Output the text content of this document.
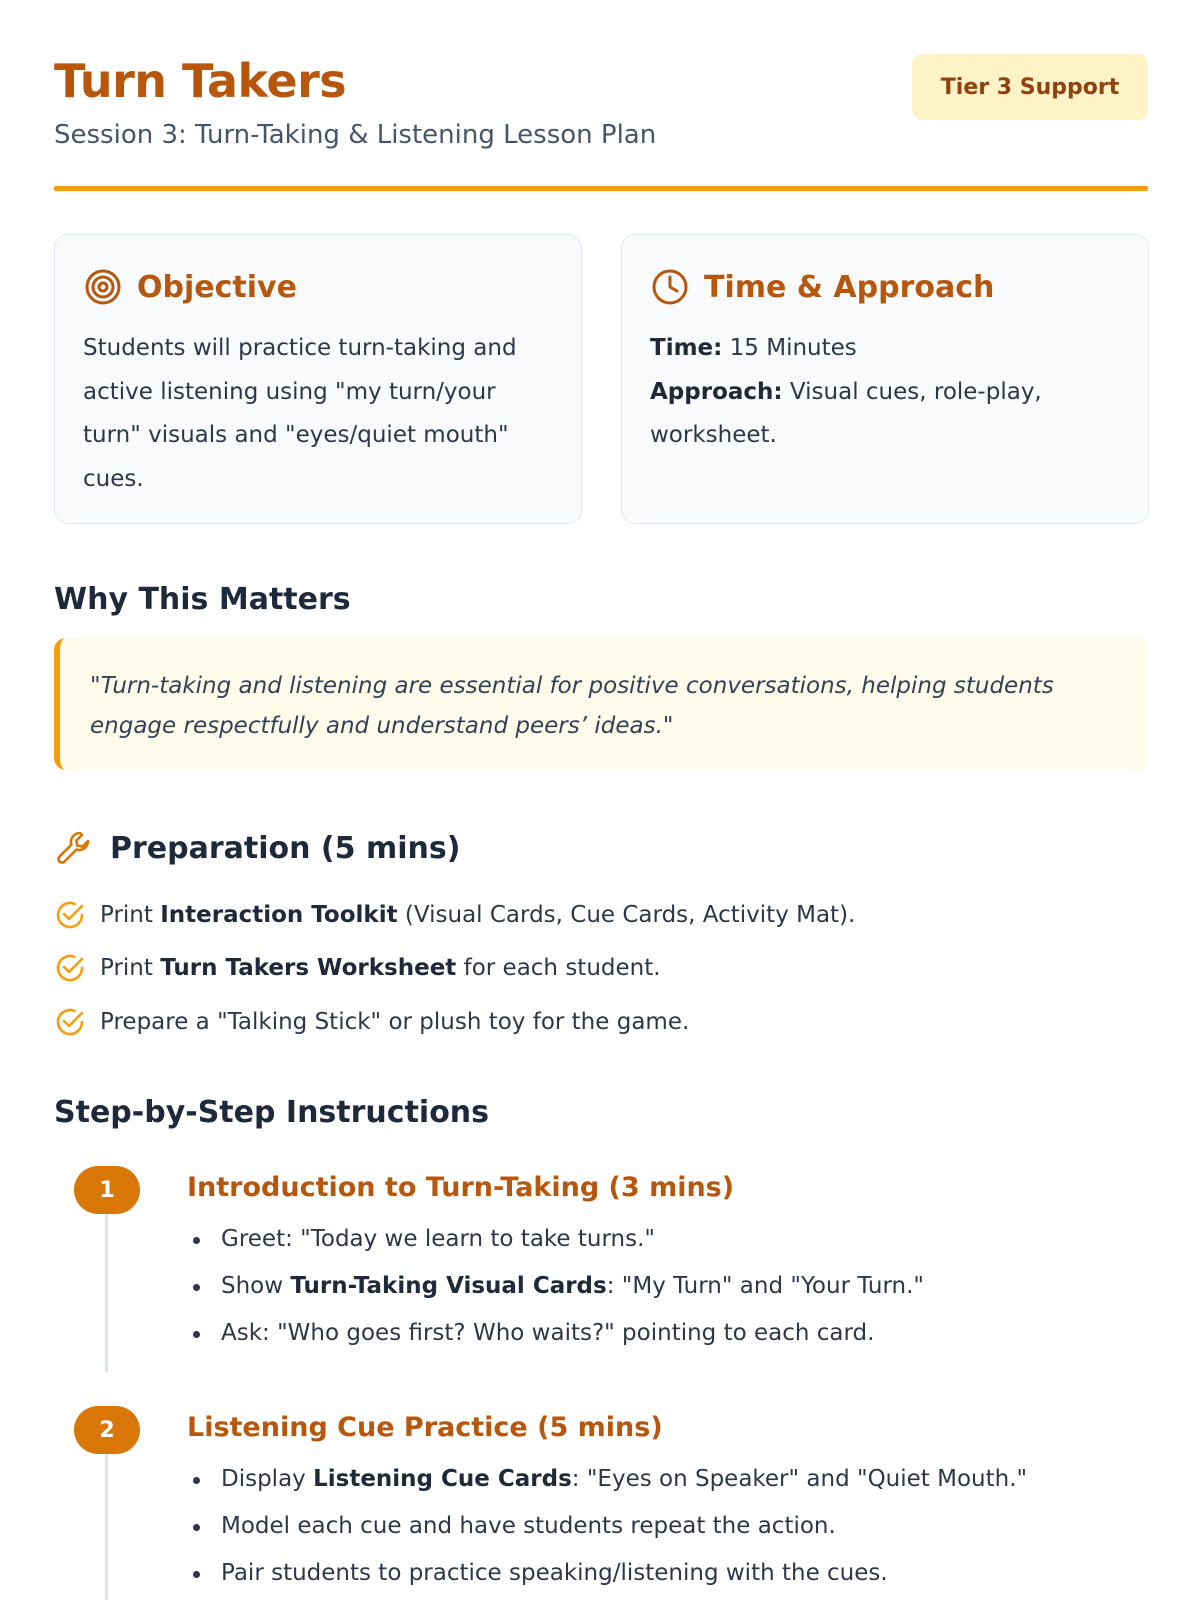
Turn Takers
Session 3: Turn-Taking & Listening Lesson Plan
Tier 3 Support
Objective
Students will practice turn-taking and active listening using "my turn/your turn" visuals and "eyes/quiet mouth" cues.
Time & Approach

Time: 15 Minutes

Approach: Visual cues, role-play, worksheet.

Why This Matters
"Turn-taking and listening are essential for positive conversations, helping students engage respectfully and understand peers’ ideas."
Preparation (5 mins)
Print Interaction Toolkit (Visual Cards, Cue Cards, Activity Mat).
Print Turn Takers Worksheet for each student.
Prepare a "Talking Stick" or plush toy for the game.
Step-by-Step Instructions
1	Introduction to Turn-Taking (3 mins)
Greet: "Today we learn to take turns."
Show Turn-Taking Visual Cards: "My Turn" and "Your Turn."
Ask: "Who goes first? Who waits?" pointing to each card.
2	Listening Cue Practice (5 mins)
Display Listening Cue Cards: "Eyes on Speaker" and "Quiet Mouth."
Model each cue and have students repeat the action.
Pair students to practice speaking/listening with the cues.
